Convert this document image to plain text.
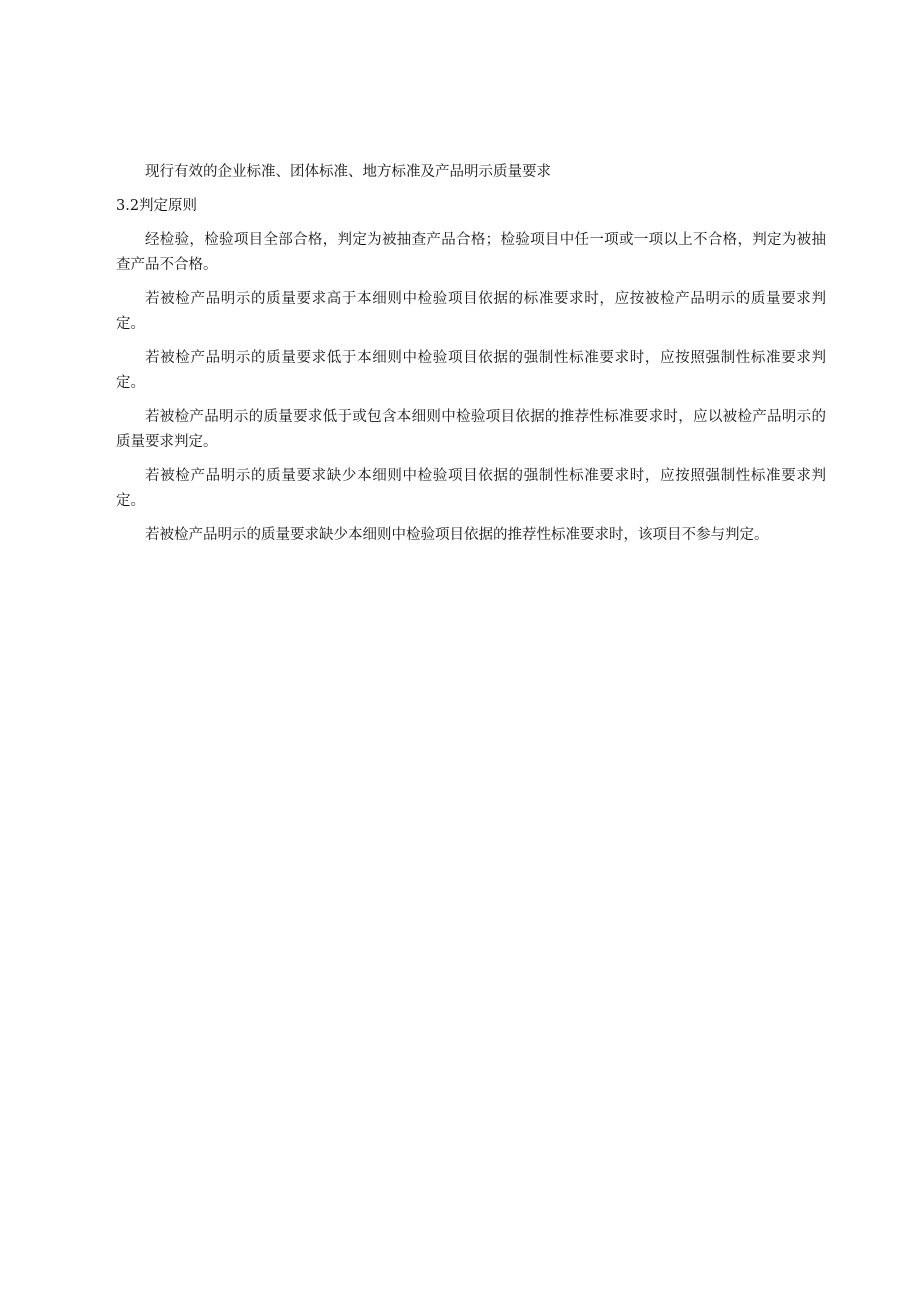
现行有效的企业标准、团体标准、地方标准及产品明示质量要求

3.2判定原则

经检验，检验项目全部合格，判定为被抽查产品合格；检验项目中任一项或一项以上不合格，判定为被抽查产品不合格。

若被检产品明示的质量要求高于本细则中检验项目依据的标准要求时，应按被检产品明示的质量要求判定。

若被检产品明示的质量要求低于本细则中检验项目依据的强制性标准要求时，应按照强制性标准要求判定。

若被检产品明示的质量要求低于或包含本细则中检验项目依据的推荐性标准要求时，应以被检产品明示的质量要求判定。

若被检产品明示的质量要求缺少本细则中检验项目依据的强制性标准要求时，应按照强制性标准要求判定。

若被检产品明示的质量要求缺少本细则中检验项目依据的推荐性标准要求时，该项目不参与判定。
